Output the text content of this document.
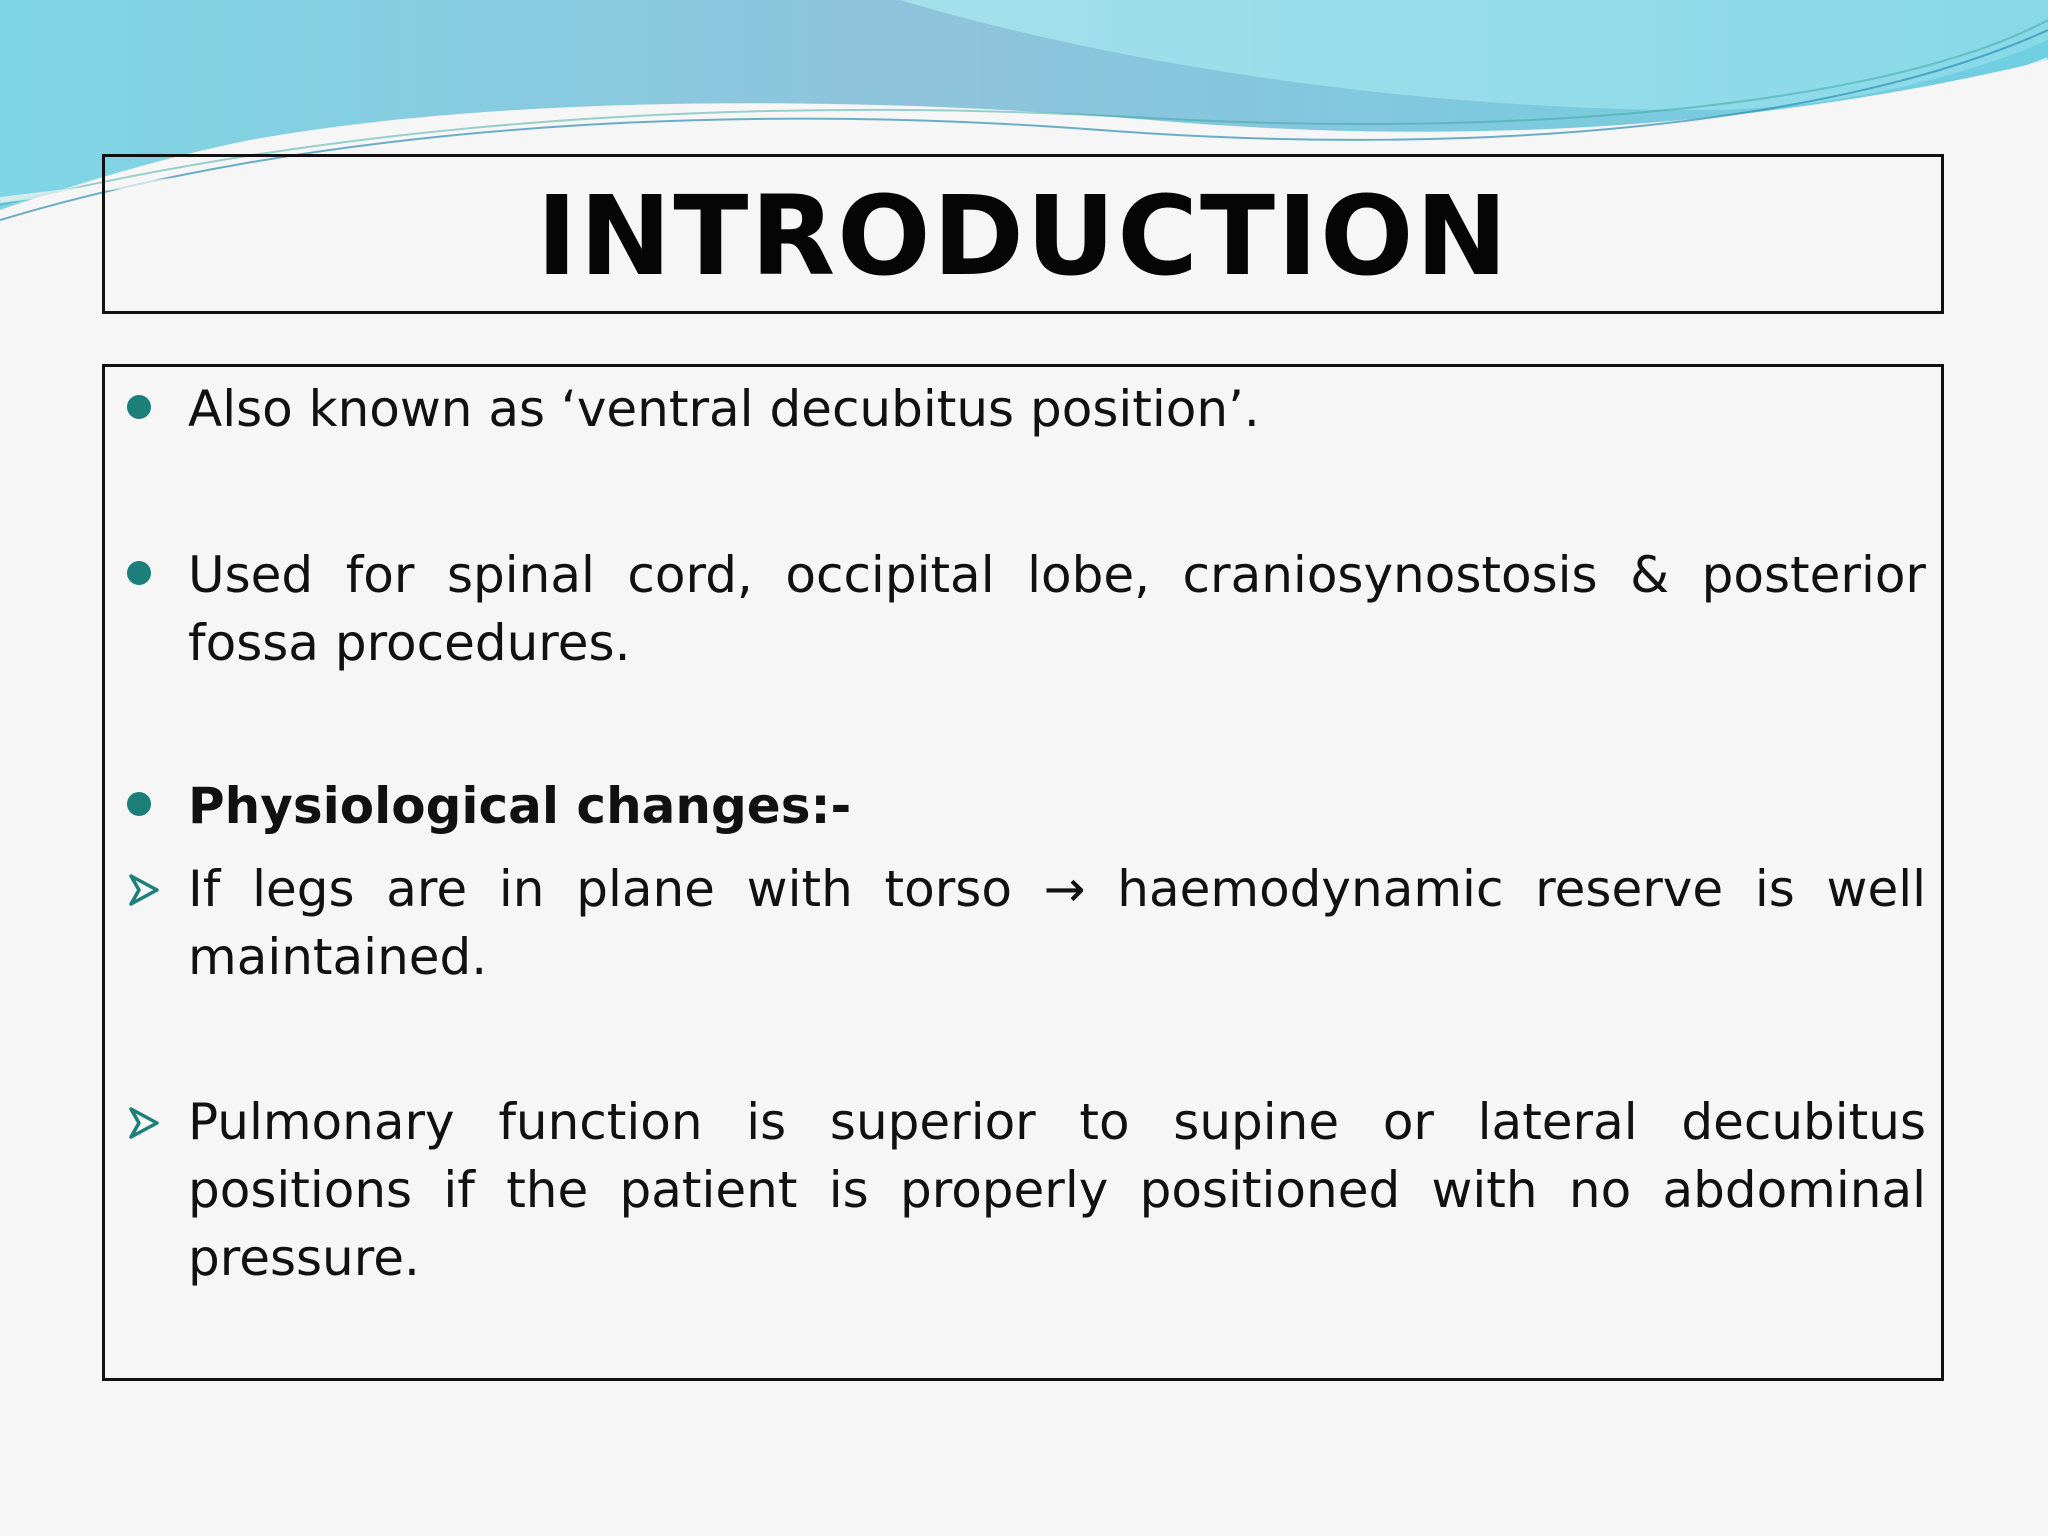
INTRODUCTION
Also known as ‘ventral decubitus position’.
Used for spinal cord, occipital lobe, craniosynostosis & posterior fossa procedures.
Physiological changes:-
If legs are in plane with torso → haemodynamic reserve is well maintained.
Pulmonary function is superior to supine or lateral decubitus positions if the patient is properly positioned with no abdominal pressure.
